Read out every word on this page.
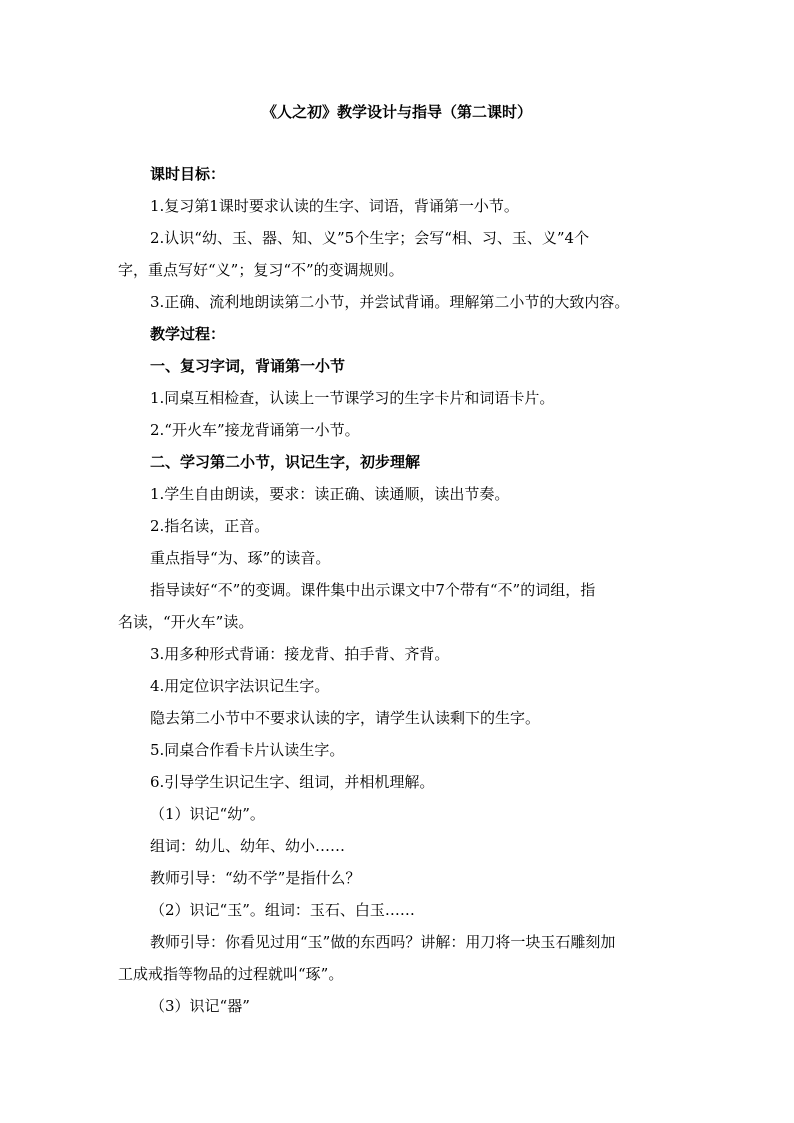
《人之初》教学设计与指导（第二课时）
课时目标：
1.复习第1课时要求认读的生字、词语，背诵第一小节。
2.认识“幼、玉、器、知、义”5个生字；会写“相、习、玉、义”4个
字，重点写好“义”；复习“不”的变调规则。
3.正确、流利地朗读第二小节，并尝试背诵。理解第二小节的大致内容。
教学过程：
一、复习字词，背诵第一小节
1.同桌互相检查，认读上一节课学习的生字卡片和词语卡片。
2.“开火车”接龙背诵第一小节。
二、学习第二小节，识记生字，初步理解
1.学生自由朗读，要求：读正确、读通顺，读出节奏。
2.指名读，正音。
重点指导“为、琢”的读音。
指导读好“不”的变调。课件集中出示课文中7个带有“不”的词组，指
名读，“开火车”读。
3.用多种形式背诵：接龙背、拍手背、齐背。
4.用定位识字法识记生字。
隐去第二小节中不要求认读的字，请学生认读剩下的生字。
5.同桌合作看卡片认读生字。
6.引导学生识记生字、组词，并相机理解。
（1）识记“幼”。
组词：幼儿、幼年、幼小……
教师引导：“幼不学”是指什么？
（2）识记“玉”。组词：玉石、白玉……
教师引导：你看见过用“玉”做的东西吗？讲解：用刀将一块玉石雕刻加
工成戒指等物品的过程就叫“琢”。
（3）识记“器”
